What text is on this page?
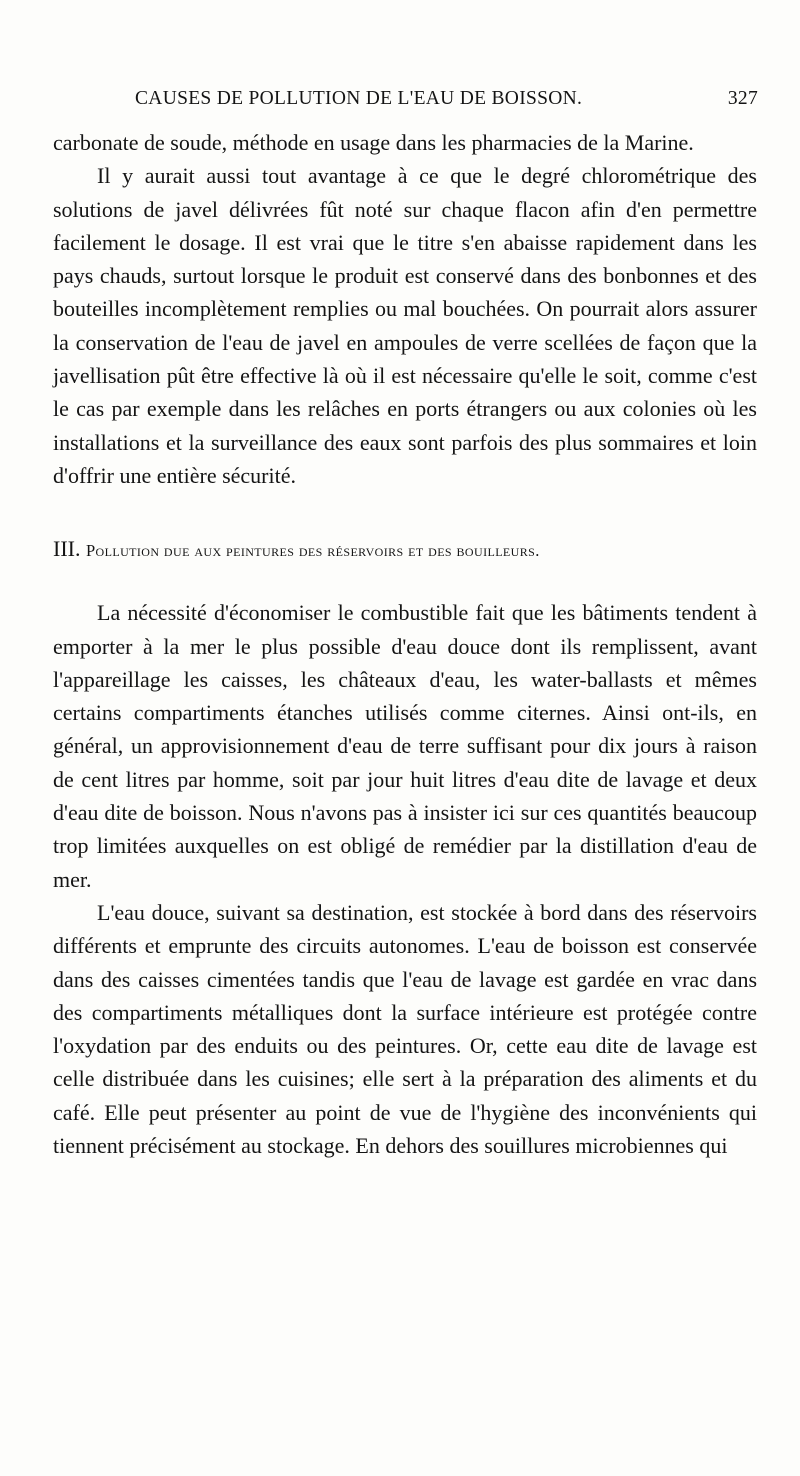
CAUSES DE POLLUTION DE L'EAU DE BOISSON.	327

carbonate de soude, méthode en usage dans les pharmacies de la Marine.

Il y aurait aussi tout avantage à ce que le degré chlorométrique des solutions de javel délivrées fût noté sur chaque flacon afin d'en permettre facilement le dosage. Il est vrai que le titre s'en abaisse rapidement dans les pays chauds, surtout lorsque le produit est conservé dans des bonbonnes et des bouteilles incomplètement remplies ou mal bouchées. On pourrait alors assurer la conservation de l'eau de javel en ampoules de verre scellées de façon que la javellisation pût être effective là où il est nécessaire qu'elle le soit, comme c'est le cas par exemple dans les relâches en ports étrangers ou aux colonies où les installations et la surveillance des eaux sont parfois des plus sommaires et loin d'offrir une entière sécurité.

III. Pollution due aux peintures des réservoirs et des bouilleurs.

La nécessité d'économiser le combustible fait que les bâtiments tendent à emporter à la mer le plus possible d'eau douce dont ils remplissent, avant l'appareillage les caisses, les châteaux d'eau, les water-ballasts et mêmes certains compartiments étanches utilisés comme citernes. Ainsi ont-ils, en général, un approvisionnement d'eau de terre suffisant pour dix jours à raison de cent litres par homme, soit par jour huit litres d'eau dite de lavage et deux d'eau dite de boisson. Nous n'avons pas à insister ici sur ces quantités beaucoup trop limitées auxquelles on est obligé de remédier par la distillation d'eau de mer.

L'eau douce, suivant sa destination, est stockée à bord dans des réservoirs différents et emprunte des circuits autonomes. L'eau de boisson est conservée dans des caisses cimentées tandis que l'eau de lavage est gardée en vrac dans des compartiments métalliques dont la surface intérieure est protégée contre l'oxydation par des enduits ou des peintures. Or, cette eau dite de lavage est celle distribuée dans les cuisines; elle sert à la préparation des aliments et du café. Elle peut présenter au point de vue de l'hygiène des inconvénients qui tiennent précisément au stockage. En dehors des souillures microbiennes qui
